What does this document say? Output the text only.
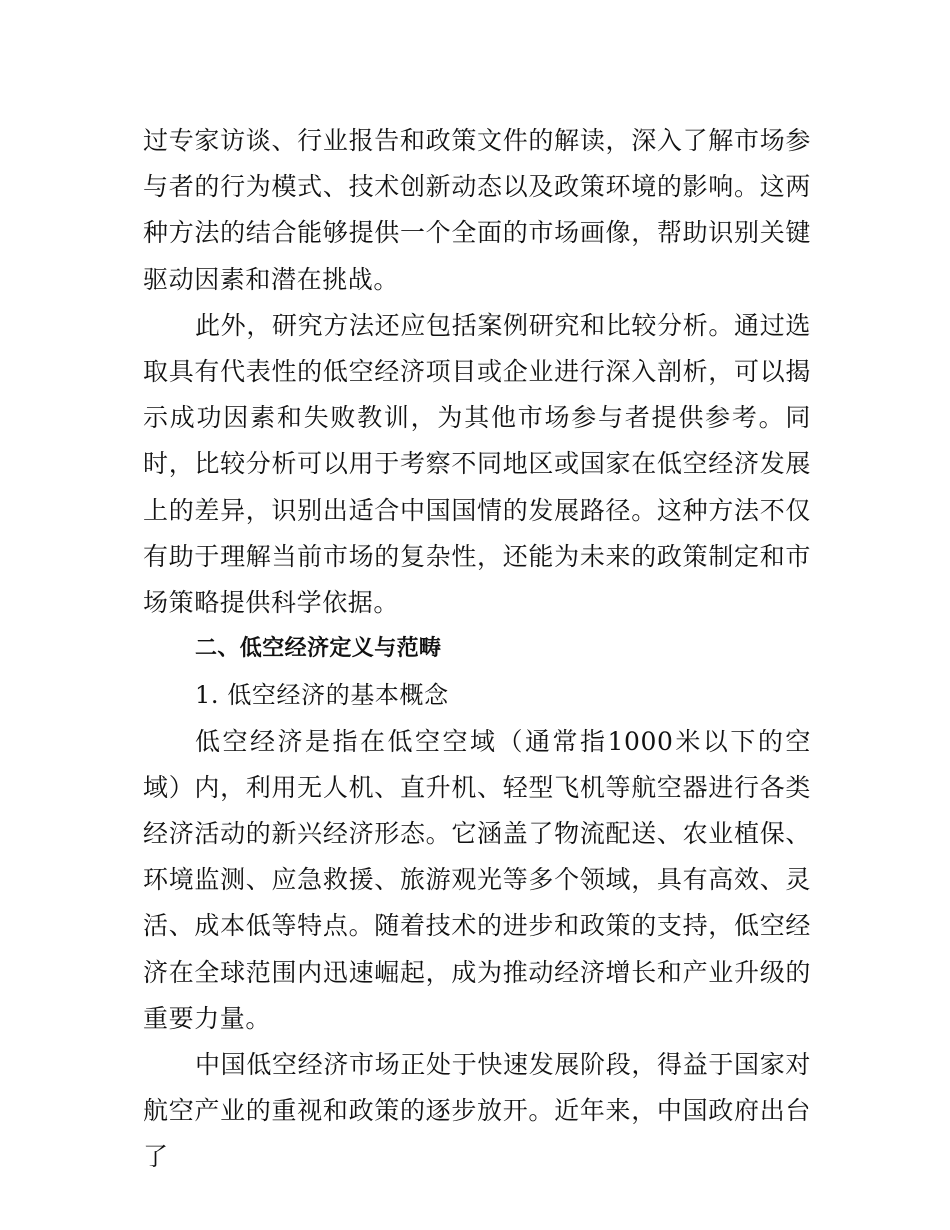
过专家访谈、行业报告和政策文件的解读，深入了解市场参与者的行为模式、技术创新动态以及政策环境的影响。这两种方法的结合能够提供一个全面的市场画像，帮助识别关键驱动因素和潜在挑战。

此外，研究方法还应包括案例研究和比较分析。通过选取具有代表性的低空经济项目或企业进行深入剖析，可以揭示成功因素和失败教训，为其他市场参与者提供参考。同时，比较分析可以用于考察不同地区或国家在低空经济发展上的差异，识别出适合中国国情的发展路径。这种方法不仅有助于理解当前市场的复杂性，还能为未来的政策制定和市场策略提供科学依据。

二、低空经济定义与范畴

1. 低空经济的基本概念

低空经济是指在低空空域（通常指1000米以下的空域）内，利用无人机、直升机、轻型飞机等航空器进行各类经济活动的新兴经济形态。它涵盖了物流配送、农业植保、环境监测、应急救援、旅游观光等多个领域，具有高效、灵活、成本低等特点。随着技术的进步和政策的支持，低空经济在全球范围内迅速崛起，成为推动经济增长和产业升级的重要力量。

中国低空经济市场正处于快速发展阶段，得益于国家对航空产业的重视和政策的逐步放开。近年来，中国政府出台了
